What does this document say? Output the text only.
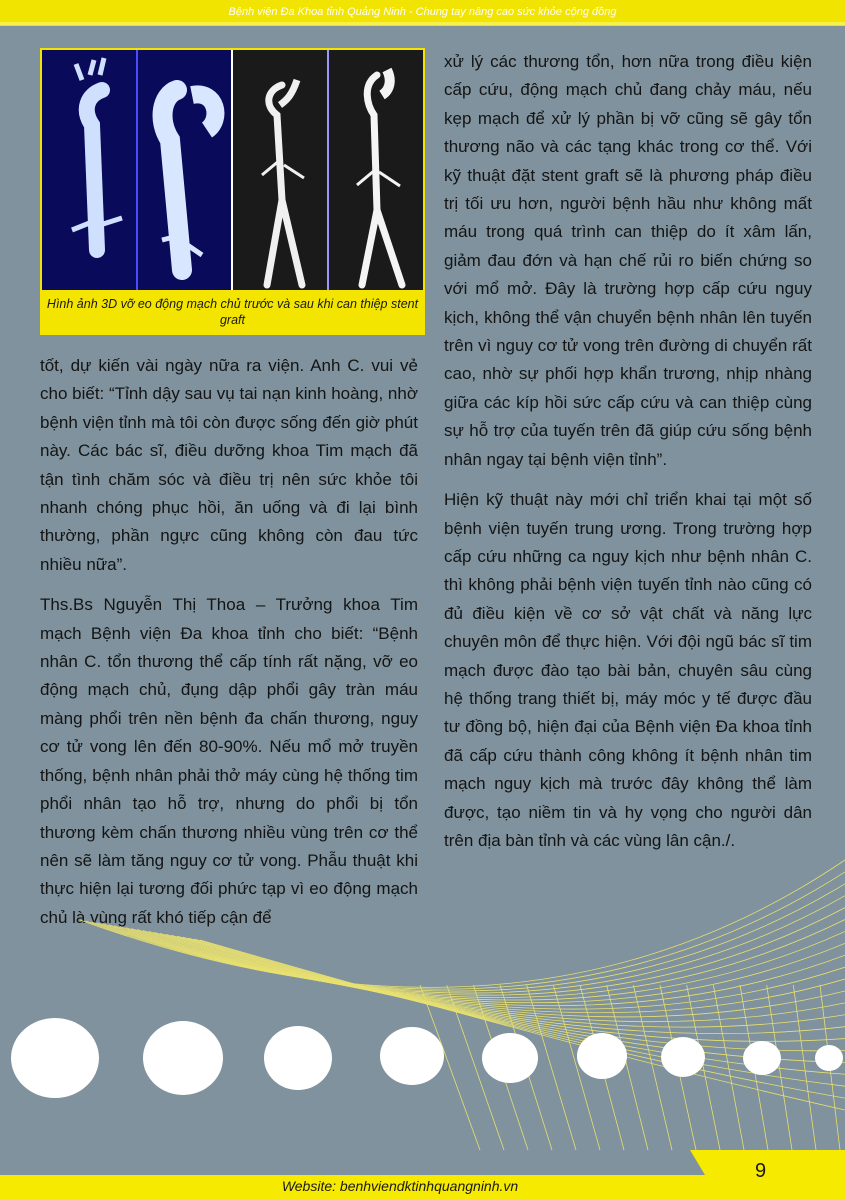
Bệnh viện Đa Khoa tỉnh Quảng Ninh - Chung tay nâng cao sức khỏe cộng đồng
Hình ảnh 3D vỡ eo động mạch chủ trước và sau khi can thiệp stent graft

tốt, dự kiến vài ngày nữa ra viện. Anh C. vui vẻ cho biết: “Tỉnh dậy sau vụ tai nạn kinh hoàng, nhờ bệnh viện tỉnh mà tôi còn được sống đến giờ phút này. Các bác sĩ, điều dưỡng khoa Tim mạch đã tận tình chăm sóc và điều trị nên sức khỏe tôi nhanh chóng phục hồi, ăn uống và đi lại bình thường, phần ngực cũng không còn đau tức nhiều nữa”.

Ths.Bs Nguyễn Thị Thoa – Trưởng khoa Tim mạch Bệnh viện Đa khoa tỉnh cho biết: “Bệnh nhân C. tổn thương thể cấp tính rất nặng, vỡ eo động mạch chủ, đụng dập phổi gây tràn máu màng phổi trên nền bệnh đa chấn thương, nguy cơ tử vong lên đến 80-90%. Nếu mổ mở truyền thống, bệnh nhân phải thở máy cùng hệ thống tim phổi nhân tạo hỗ trợ, nhưng do phổi bị tổn thương kèm chấn thương nhiều vùng trên cơ thể nên sẽ làm tăng nguy cơ tử vong. Phẫu thuật khi thực hiện lại tương đối phức tạp vì eo động mạch chủ là vùng rất khó tiếp cận để

xử lý các thương tổn, hơn nữa trong điều kiện cấp cứu, động mạch chủ đang chảy máu, nếu kẹp mạch để xử lý phần bị vỡ cũng sẽ gây tổn thương não và các tạng khác trong cơ thể. Với kỹ thuật đặt stent graft sẽ là phương pháp điều trị tối ưu hơn, người bệnh hầu như không mất máu trong quá trình can thiệp do ít xâm lấn, giảm đau đớn và hạn chế rủi ro biến chứng so với mổ mở. Đây là trường hợp cấp cứu nguy kịch, không thể vận chuyển bệnh nhân lên tuyến trên vì nguy cơ tử vong trên đường di chuyển rất cao, nhờ sự phối hợp khẩn trương, nhịp nhàng giữa các kíp hồi sức cấp cứu và can thiệp cùng sự hỗ trợ của tuyến trên đã giúp cứu sống bệnh nhân ngay tại bệnh viện tỉnh”.

Hiện kỹ thuật này mới chỉ triển khai tại một số bệnh viện tuyến trung ương. Trong trường hợp cấp cứu những ca nguy kịch như bệnh nhân C. thì không phải bệnh viện tuyến tỉnh nào cũng có đủ điều kiện về cơ sở vật chất và năng lực chuyên môn để thực hiện. Với đội ngũ bác sĩ tim mạch được đào tạo bài bản, chuyên sâu cùng hệ thống trang thiết bị, máy móc y tế được đầu tư đồng bộ, hiện đại của Bệnh viện Đa khoa tỉnh đã cấp cứu thành công không ít bệnh nhân tim mạch nguy kịch mà trước đây không thể làm được, tạo niềm tin và hy vọng cho người dân trên địa bàn tỉnh và các vùng lân cận./.

Website: benhviendktinhquangninh.vn
9
